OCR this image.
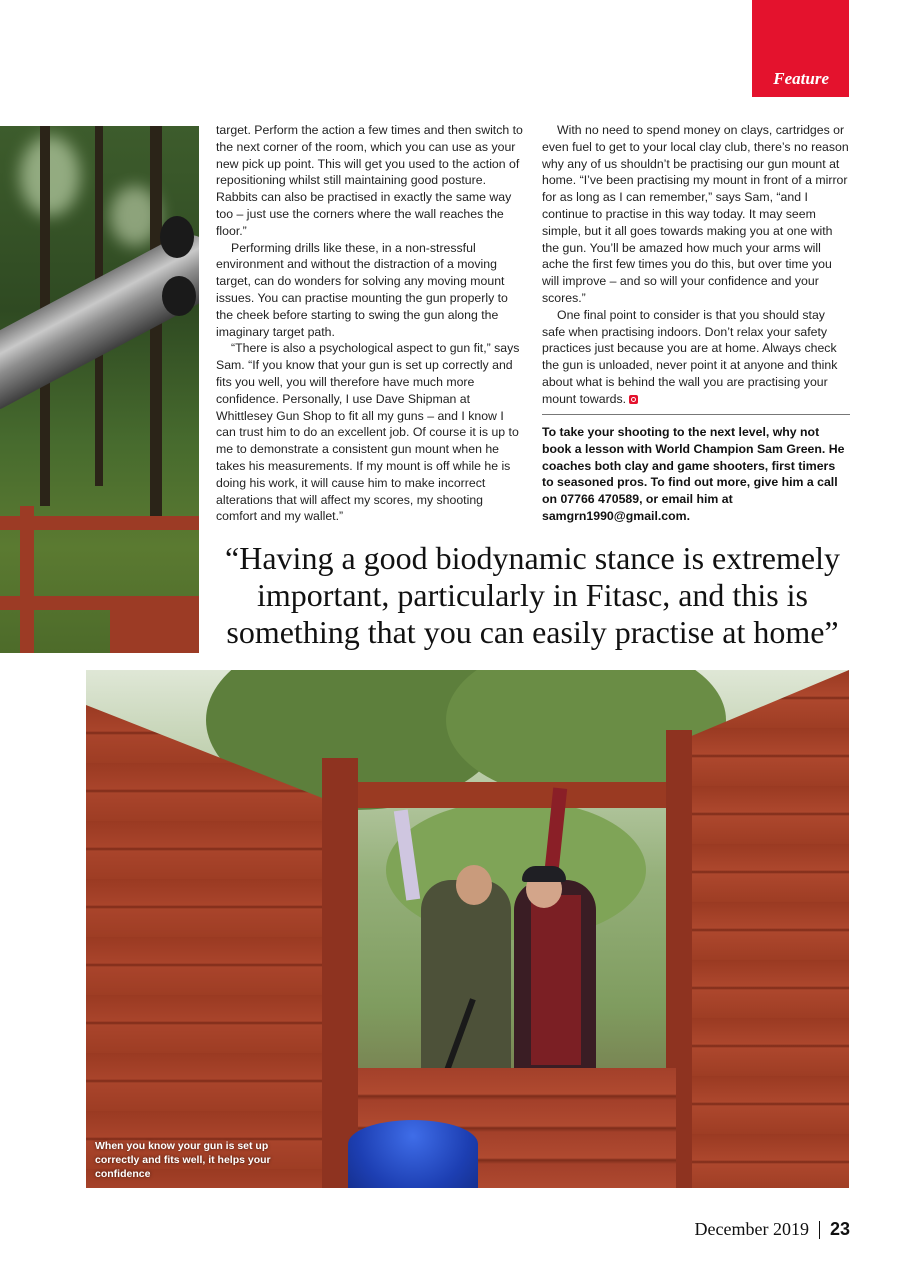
Feature

target. Perform the action a few times and then switch to the next corner of the room, which you can use as your new pick up point. This will get you used to the action of repositioning whilst still maintaining good posture. Rabbits can also be practised in exactly the same way too – just use the corners where the wall reaches the floor.”

Performing drills like these, in a non-stressful environment and without the distraction of a moving target, can do wonders for solving any moving mount issues. You can practise mounting the gun properly to the cheek before starting to swing the gun along the imaginary target path.

“There is also a psychological aspect to gun fit,” says Sam. “If you know that your gun is set up correctly and fits you well, you will therefore have much more confidence. Personally, I use Dave Shipman at Whittlesey Gun Shop to fit all my guns – and I know I can trust him to do an excellent job. Of course it is up to me to demonstrate a consistent gun mount when he takes his measurements. If my mount is off while he is doing his work, it will cause him to make incorrect alterations that will affect my scores, my shooting comfort and my wallet.”

With no need to spend money on clays, cartridges or even fuel to get to your local clay club, there’s no reason why any of us shouldn’t be practising our gun mount at home. “I’ve been practising my mount in front of a mirror for as long as I can remember,” says Sam, “and I continue to practise in this way today. It may seem simple, but it all goes towards making you at one with the gun. You’ll be amazed how much your arms will ache the first few times you do this, but over time you will improve – and so will your confidence and your scores.”

One final point to consider is that you should stay safe when practising indoors. Don’t relax your safety practices just because you are at home. Always check the gun is unloaded, never point it at anyone and think about what is behind the wall you are practising your mount towards.

To take your shooting to the next level, why not book a lesson with World Champion Sam Green. He coaches both clay and game shooters, first timers to seasoned pros. To find out more, give him a call on 07766 470589, or email him at samgrn1990@gmail.com.
“Having a good biodynamic stance is extremely important, particularly in Fitasc, and this is something that you can easily practise at home”
When you know your gun is set up correctly and fits well, it helps your confidence
December 2019 23
